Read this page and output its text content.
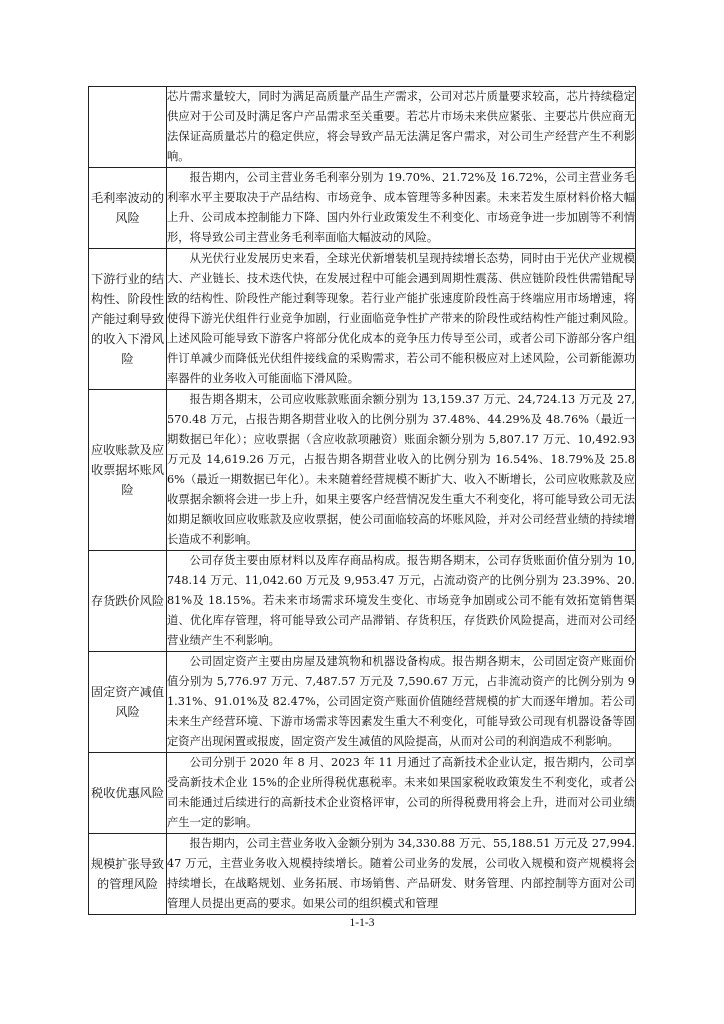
	芯片需求量较大，同时为满足高质量产品生产需求，公司对芯片质量要求较高，芯片持续稳定供应对于公司及时满足客户产品需求至关重要。若芯片市场未来供应紧张、主要芯片供应商无法保证高质量芯片的稳定供应，将会导致产品无法满足客户需求，对公司生产经营产生不利影响。

毛利率波动的风险	报告期内，公司主营业务毛利率分别为 19.70%、21.72%及 16.72%，公司主营业务毛利率水平主要取决于产品结构、市场竞争、成本管理等多种因素。未来若发生原材料价格大幅上升、公司成本控制能力下降、国内外行业政策发生不利变化、市场竞争进一步加剧等不利情形，将导致公司主营业务毛利率面临大幅波动的风险。

下游行业的结构性、阶段性产能过剩导致的收入下滑风险	从光伏行业发展历史来看，全球光伏新增装机呈现持续增长态势，同时由于光伏产业规模大、产业链长、技术迭代快，在发展过程中可能会遇到周期性震荡、供应链阶段性供需错配导致的结构性、阶段性产能过剩等现象。若行业产能扩张速度阶段性高于终端应用市场增速，将使得下游光伏组件行业竞争加剧，行业面临竞争性扩产带来的阶段性或结构性产能过剩风险。上述风险可能导致下游客户将部分优化成本的竞争压力传导至公司，或者公司下游部分客户组件订单减少而降低光伏组件接线盒的采购需求，若公司不能积极应对上述风险，公司新能源功率器件的业务收入可能面临下滑风险。

应收账款及应收票据坏账风险	报告期各期末，公司应收账款账面余额分别为 13,159.37 万元、24,724.13 万元及 27,570.48 万元，占报告期各期营业收入的比例分别为 37.48%、44.29%及 48.76%（最近一期数据已年化）；应收票据（含应收款项融资）账面余额分别为 5,807.17 万元、10,492.93 万元及 14,619.26 万元，占报告期各期营业收入的比例分别为 16.54%、18.79%及 25.86%（最近一期数据已年化）。未来随着经营规模不断扩大、收入不断增长，公司应收账款及应收票据余额将会进一步上升，如果主要客户经营情况发生重大不利变化，将可能导致公司无法如期足额收回应收账款及应收票据，使公司面临较高的坏账风险，并对公司经营业绩的持续增长造成不利影响。

存货跌价风险	公司存货主要由原材料以及库存商品构成。报告期各期末，公司存货账面价值分别为 10,748.14 万元、11,042.60 万元及 9,953.47 万元，占流动资产的比例分别为 23.39%、20.81%及 18.15%。若未来市场需求环境发生变化、市场竞争加剧或公司不能有效拓宽销售渠道、优化库存管理，将可能导致公司产品滞销、存货积压，存货跌价风险提高，进而对公司经营业绩产生不利影响。

固定资产减值风险	公司固定资产主要由房屋及建筑物和机器设备构成。报告期各期末，公司固定资产账面价值分别为 5,776.97 万元、7,487.57 万元及 7,590.67 万元，占非流动资产的比例分别为 91.31%、91.01%及 82.47%，公司固定资产账面价值随经营规模的扩大而逐年增加。若公司未来生产经营环境、下游市场需求等因素发生重大不利变化，可能导致公司现有机器设备等固定资产出现闲置或报废，固定资产发生减值的风险提高，从而对公司的利润造成不利影响。

税收优惠风险	公司分别于 2020 年 8 月、2023 年 11 月通过了高新技术企业认定，报告期内，公司享受高新技术企业 15%的企业所得税优惠税率。未来如果国家税收政策发生不利变化，或者公司未能通过后续进行的高新技术企业资格评审，公司的所得税费用将会上升，进而对公司业绩产生一定的影响。

规模扩张导致的管理风险	报告期内，公司主营业务收入金额分别为 34,330.88 万元、55,188.51 万元及 27,994.47 万元，主营业务收入规模持续增长。随着公司业务的发展，公司收入规模和资产规模将会持续增长，在战略规划、业务拓展、市场销售、产品研发、财务管理、内部控制等方面对公司管理人员提出更高的要求。如果公司的组织模式和管理
1-1-3
